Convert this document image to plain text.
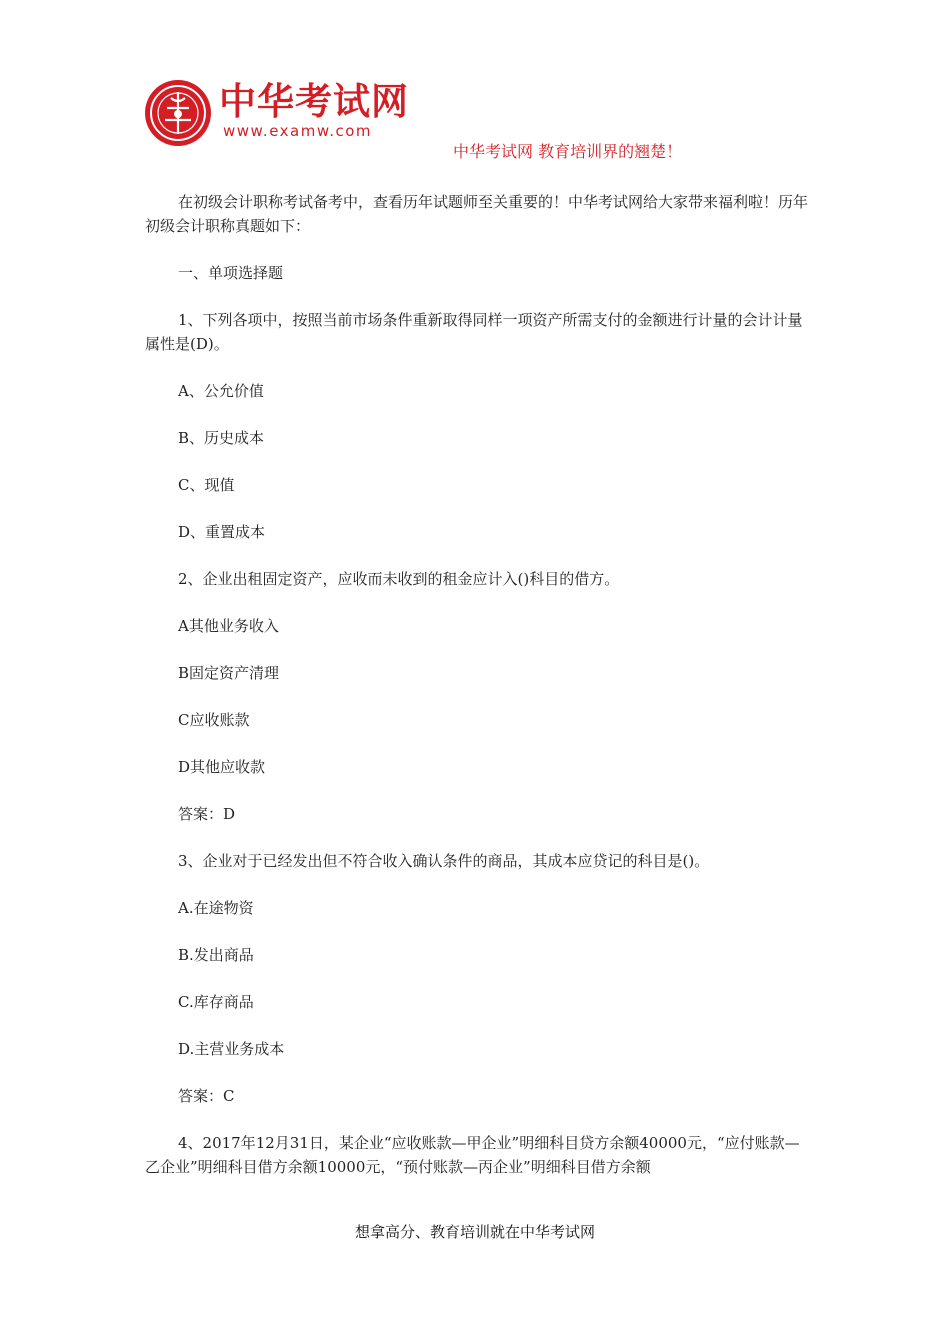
中华考试网
www.examw.com
中华考试网 教育培训界的翘楚！

在初级会计职称考试备考中，查看历年试题师至关重要的！中华考试网给大家带来福利啦！历年初级会计职称真题如下：

一、单项选择题

1、下列各项中，按照当前市场条件重新取得同样一项资产所需支付的金额进行计量的会计计量属性是(D)。

A、公允价值

B、历史成本

C、现值

D、重置成本

2、企业出租固定资产，应收而未收到的租金应计入()科目的借方。

A其他业务收入

B固定资产清理

C应收账款

D其他应收款

答案：D

3、企业对于已经发出但不符合收入确认条件的商品，其成本应贷记的科目是()。

A.在途物资

B.发出商品

C.库存商品

D.主营业务成本

答案：C

4、2017年12月31日，某企业“应收账款—甲企业”明细科目贷方余额40000元，“应付账款—乙企业”明细科目借方余额10000元，“预付账款—丙企业”明细科目借方余额

想拿高分、教育培训就在中华考试网
